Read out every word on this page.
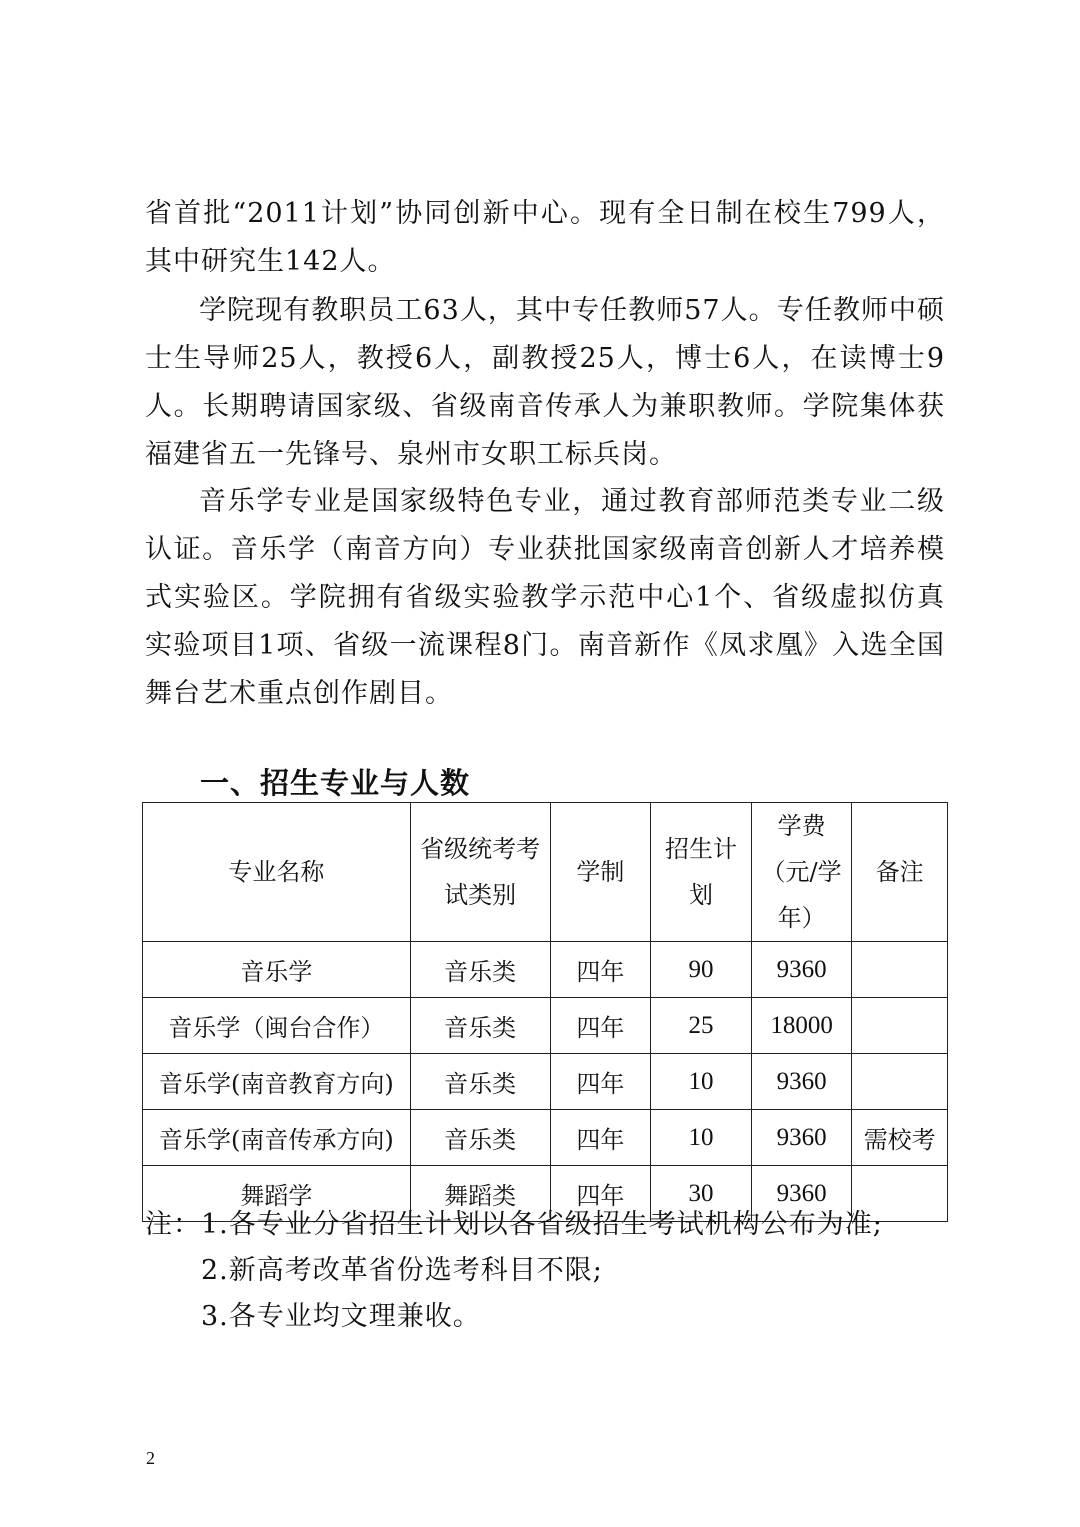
省首批“2011计划”协同创新中心。现有全日制在校生799人，其中研究生142人。

学院现有教职员工63人，其中专任教师57人。专任教师中硕士生导师25人，教授6人，副教授25人，博士6人，在读博士9人。长期聘请国家级、省级南音传承人为兼职教师。学院集体获福建省五一先锋号、泉州市女职工标兵岗。

音乐学专业是国家级特色专业，通过教育部师范类专业二级认证。音乐学（南音方向）专业获批国家级南音创新人才培养模式实验区。学院拥有省级实验教学示范中心1个、省级虚拟仿真实验项目1项、省级一流课程8门。南音新作《凤求凰》入选全国舞台艺术重点创作剧目。

一、招生专业与人数
专业名称	省级统考考试类别	学制	招生计划	学费（元/学年）	备注
音乐学	音乐类	四年	90	9360	
音乐学（闽台合作）	音乐类	四年	25	18000	
音乐学(南音教育方向)	音乐类	四年	10	9360	
音乐学(南音传承方向)	音乐类	四年	10	9360	需校考
舞蹈学	舞蹈类	四年	30	9360	
注：1.各专业分省招生计划以各省级招生考试机构公布为准;
2.新高考改革省份选考科目不限;
3.各专业均文理兼收。
2
